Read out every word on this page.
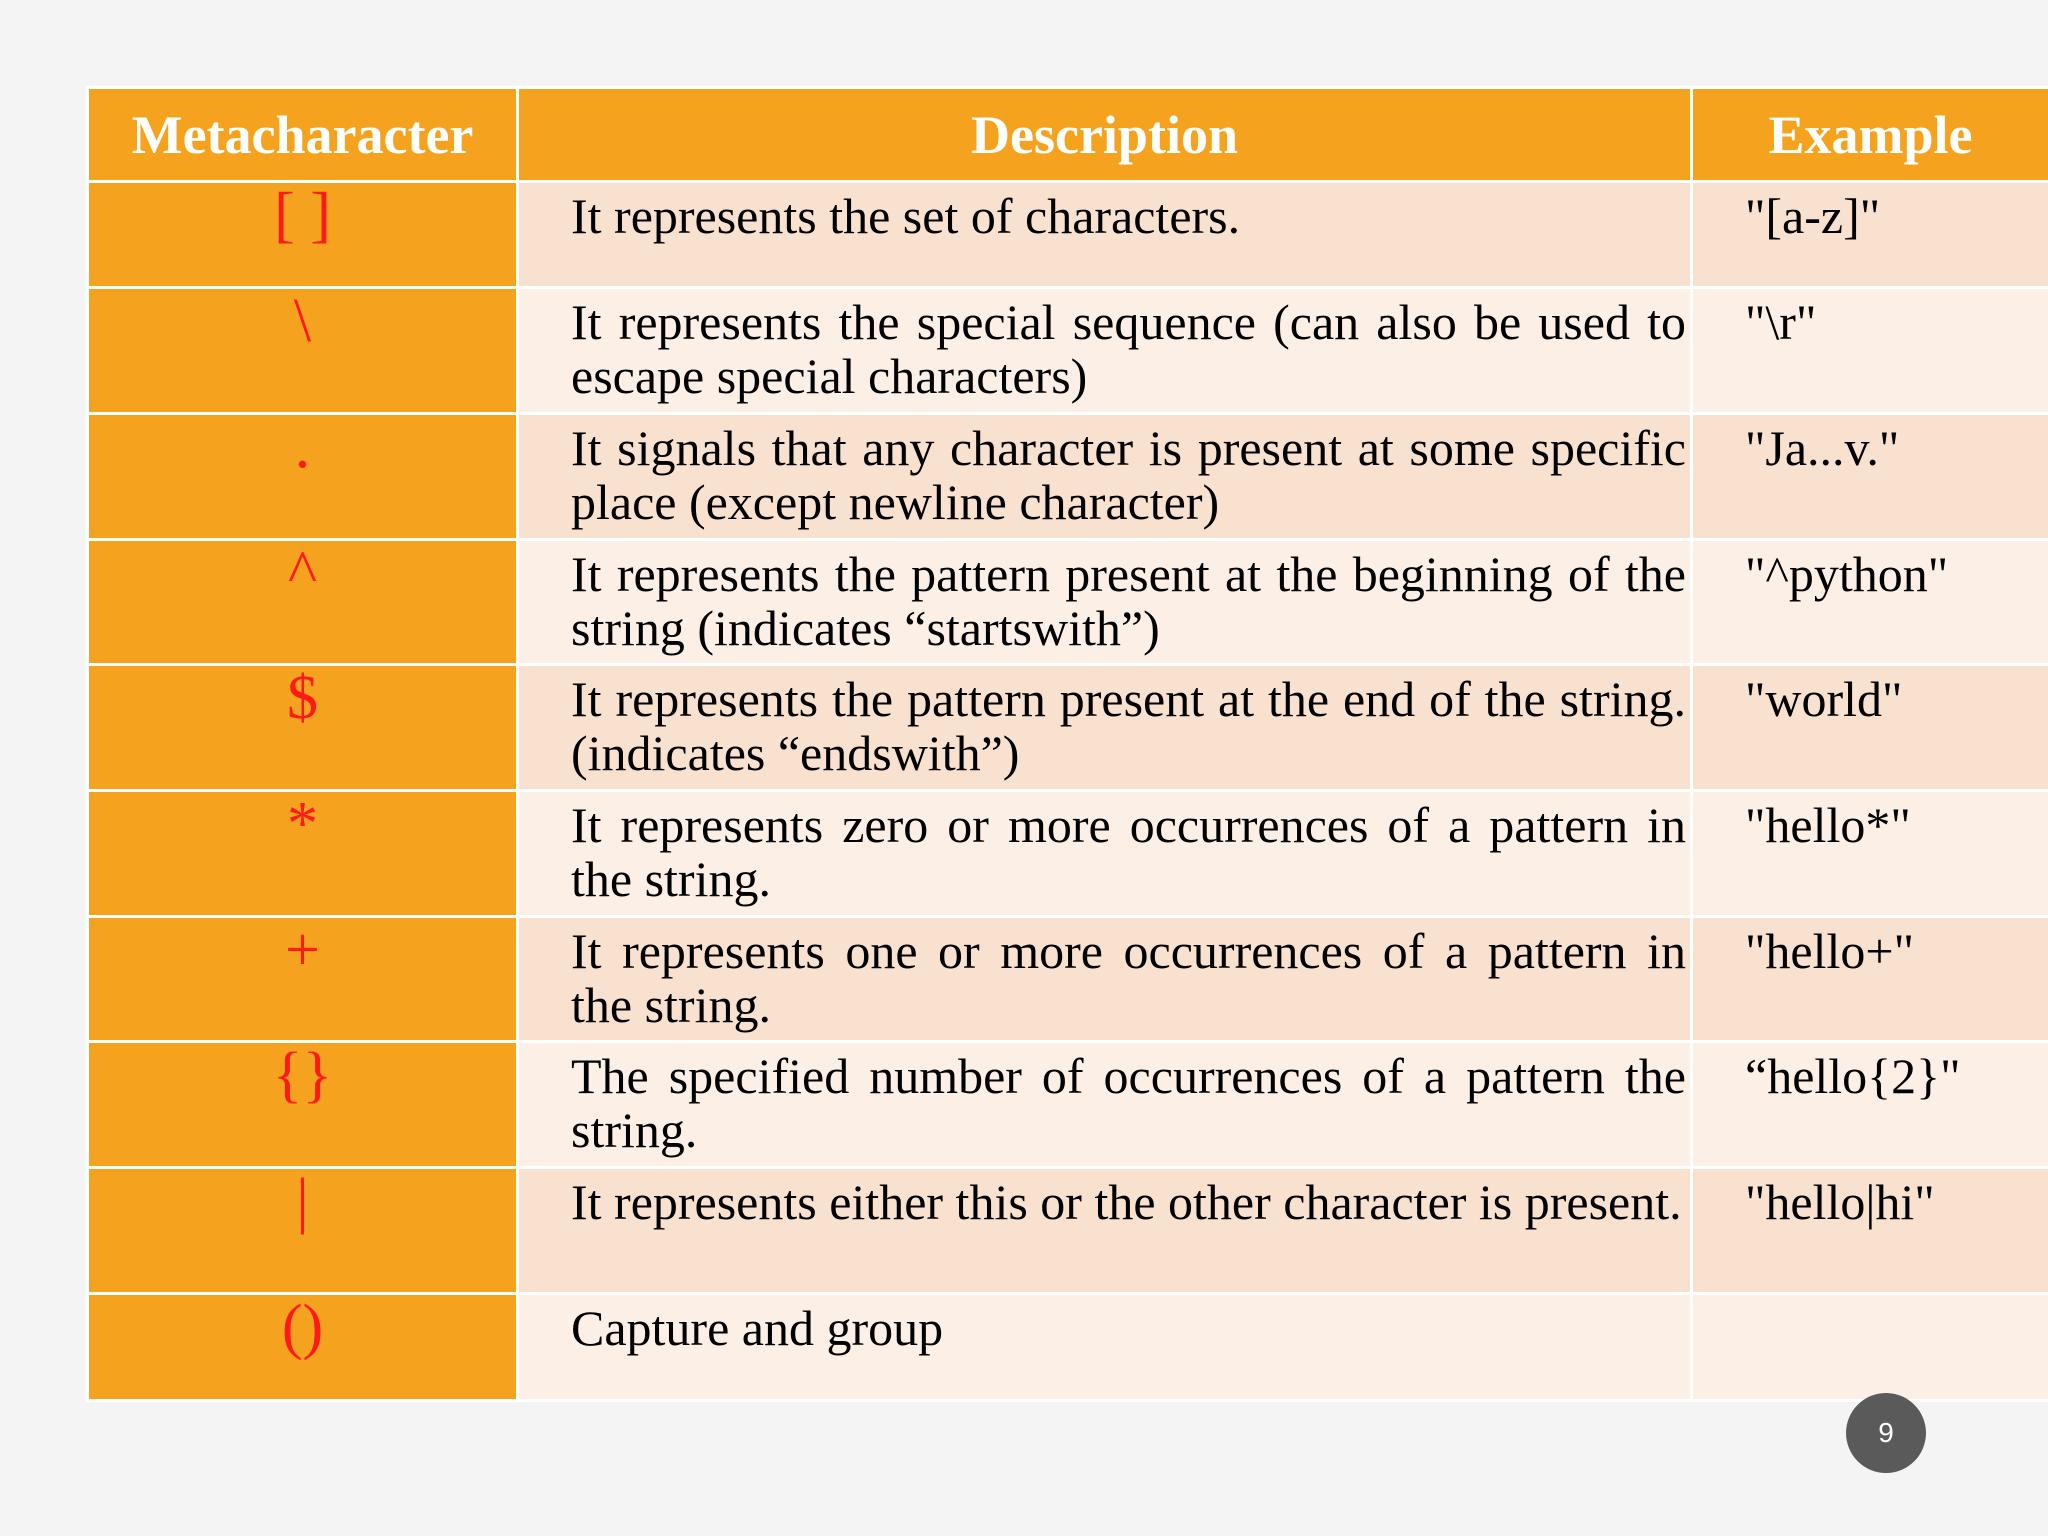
Metacharacter	Description	Example
[ ]	It represents the set of characters.	"[a-z]"
\	It represents the special sequence (can also be used to escape special characters)	"\r"
.	It signals that any character is present at some specific place (except newline character)	"Ja...v."
^	It represents the pattern present at the beginning of the string (indicates “startswith”)	"^python"
$	It represents the pattern present at the end of the string. (indicates “endswith”)	"world"
*	It represents zero or more occurrences of a pattern in the string.	"hello*"
+	It represents one or more occurrences of a pattern in the string.	"hello+"
{}	The specified number of occurrences of a pattern the string.	“hello{2}"
|	It represents either this or the other character is present.	"hello|hi"
()	Capture and group	
9
